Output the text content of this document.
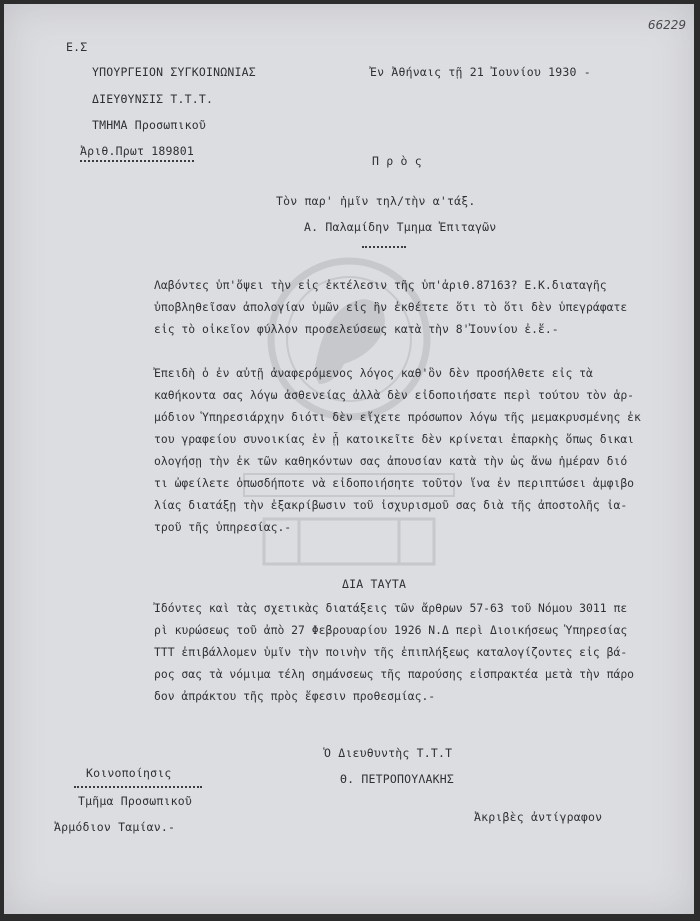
66229
Ε.Σ
ΥΠΟΥΡΓΕΙΟΝ ΣΥΓΚΟΙΝΩΝΙΑΣ
ΔΙΕΥΘΥΝΣΙΣ Τ.Τ.Τ.
ΤΜΗΜΑ Προσωπικοῦ
Ἀριθ.Πρωτ 189801
Ἐν Ἀθήναις τῇ 21 Ἰουνίου 1930 -
Π ρ ὸ ς
Τὸν παρ' ἡμῖν τηλ/τὴν α'τάξ.
Α. Παλαμίδην Τμημα Ἐπιταγῶν
Λαβόντες ὑπ'ὄψει τὴν εἰς ἐκτέλεσιν τῆς ὑπ'ἀριθ.87163? Ε.Κ.διαταγῆς
ὑποβληθεῖσαν ἀπολογίαν ὑμῶν εἰς ἣν ἐκθέτετε ὅτι τὸ ὅτι δὲν ὑπεγράφατε
εἰς τὸ οἰκεῖον φύλλον προσελεύσεως κατὰ τὴν 8'Ἰουνίου ἐ.ἔ.-
Ἐπειδὴ ὁ ἐν αὐτῇ ἀναφερόμενος λόγος καθ'ὃν δὲν προσήλθετε εἰς τὰ
καθήκοντα σας λόγω ἀσθενείας ἀλλὰ δὲν εἰδοποιήσατε περὶ τούτου τὸν ἁρ-
μόδιον Ὑπηρεσιάρχην διότι δὲν εἴχετε πρόσωπον λόγω τῆς μεμακρυσμένης ἐκ
του γραφείου συνοικίας ἐν ᾗ κατοικεῖτε δὲν κρίνεται ἐπαρκὴς ὅπως δικαι
ολογήσῃ τὴν ἐκ τῶν καθηκόντων σας ἀπουσίαν κατὰ τὴν ὡς ἄνω ἡμέραν διό
τι ὠφείλετε ὁπωσδήποτε νὰ εἰδοποιήσητε τοῦτον ἵνα ἐν περιπτώσει ἀμφιβο
λίας διατάξῃ τὴν ἐξακρίβωσιν τοῦ ἰσχυρισμοῦ σας διὰ τῆς ἀποστολῆς ἰα-
τροῦ τῆς ὑπηρεσίας.-
ΔΙΑ ΤΑΥΤΑ
Ἰδόντες καὶ τὰς σχετικὰς διατάξεις τῶν ἄρθρων 57-63 τοῦ Νόμου 3011 πε
ρὶ κυρώσεως τοῦ ἀπὸ 27 Φεβρουαρίου 1926 Ν.Δ περὶ Διοικήσεως Ὑπηρεσίας
ΤΤΤ ἐπιβάλλομεν ὑμῖν τὴν ποινὴν τῆς ἐπιπλήξεως καταλογίζοντες εἰς βά-
ρος σας τὰ νόμιμα τέλη σημάνσεως τῆς παρούσης εἰσπρακτέα μετὰ τὴν πάρο
δον ἀπράκτου τῆς πρὸς ἔφεσιν προθεσμίας.-
Ὁ Διευθυντὴς Τ.Τ.Τ
Θ. ΠΕΤΡΟΠΟΥΛΑΚΗΣ
Κοινοποίησις
Τμῆμα Προσωπικοῦ
Ἁρμόδιον Ταμίαν.-
Ἀκριβὲς ἀντίγραφον
